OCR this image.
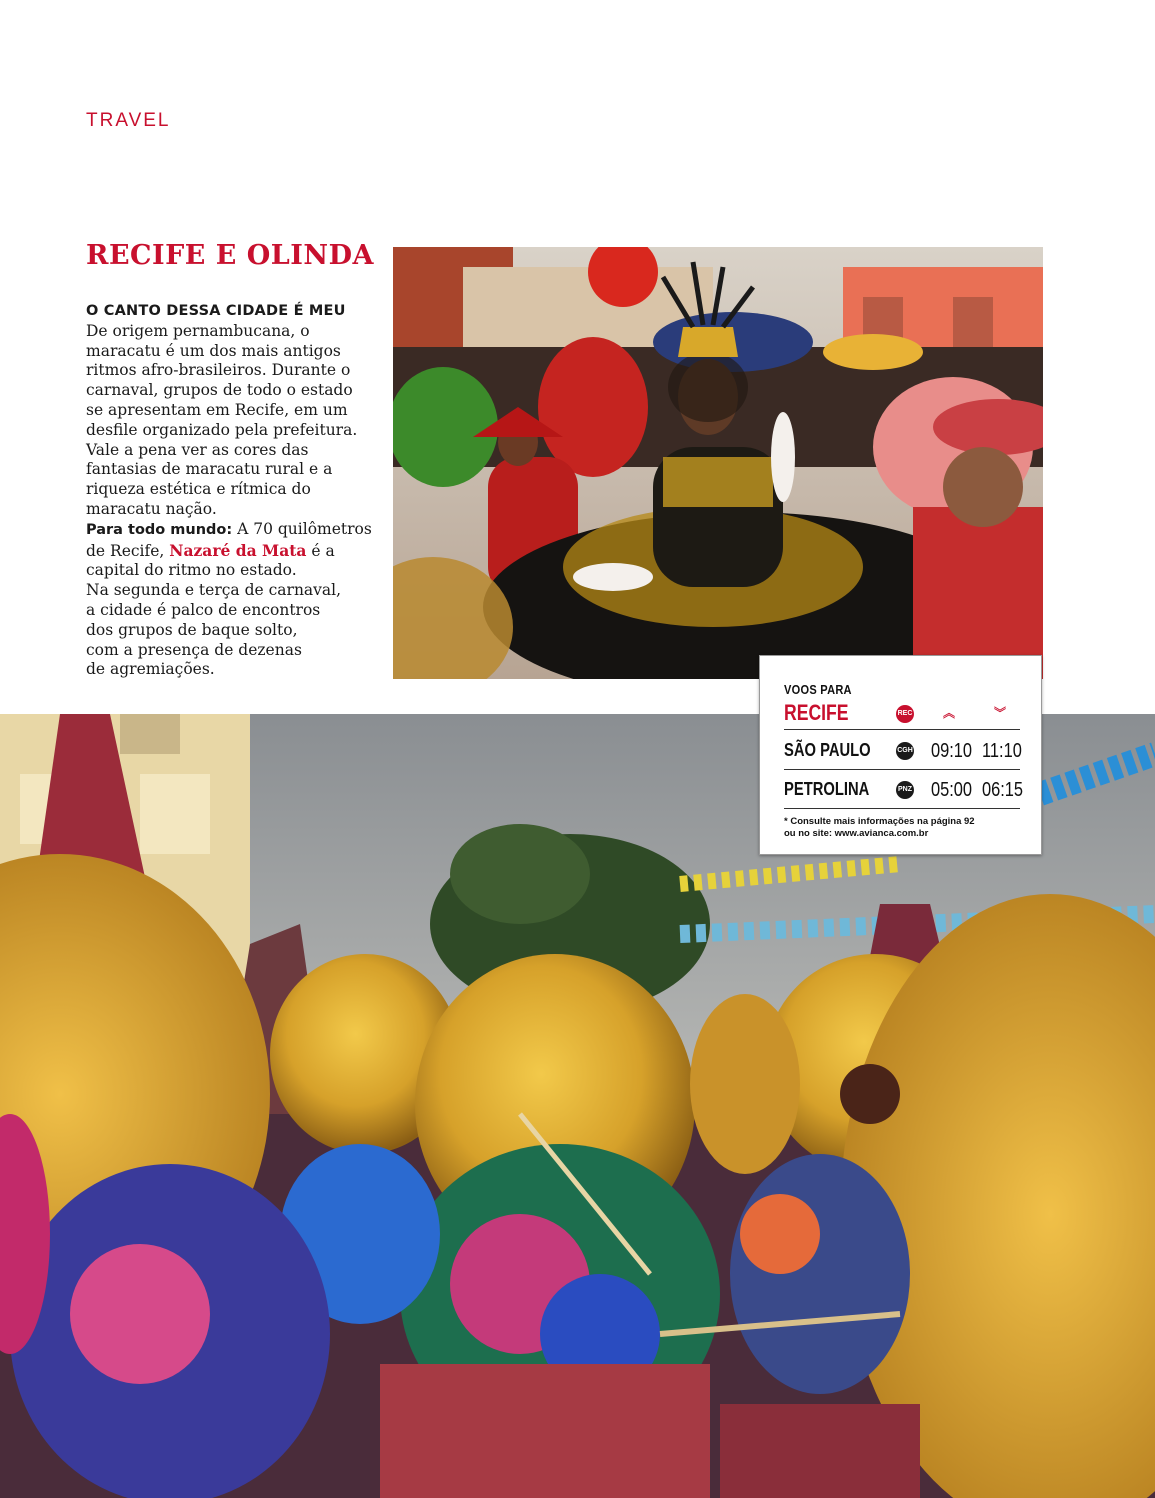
TRAVEL
RECIFE E OLINDA
O CANTO DESSA CIDADE É MEU

De origem pernambucana, o
maracatu é um dos mais antigos
ritmos afro-brasileiros. Durante o
carnaval, grupos de todo o estado
se apresentam em Recife, em um
desfile organizado pela prefeitura.
Vale a pena ver as cores das
fantasias de maracatu rural e a
riqueza estética e rítmica do
maracatu nação.

Para todo mundo: A 70 quilômetros
de Recife, Nazaré da Mata é a
capital do ritmo no estado.
Na segunda e terça de carnaval,
a cidade é palco de encontros
dos grupos de baque solto,
com a presença de dezenas
de agremiações.

VOOS PARA
RECIFE	REC	︽	︾
SÃO PAULO	CGH 09:10 11:10
PETROLINA	PNZ 05:00 06:15
* Consulte mais informações na página 92
ou no site: www.avianca.com.br
